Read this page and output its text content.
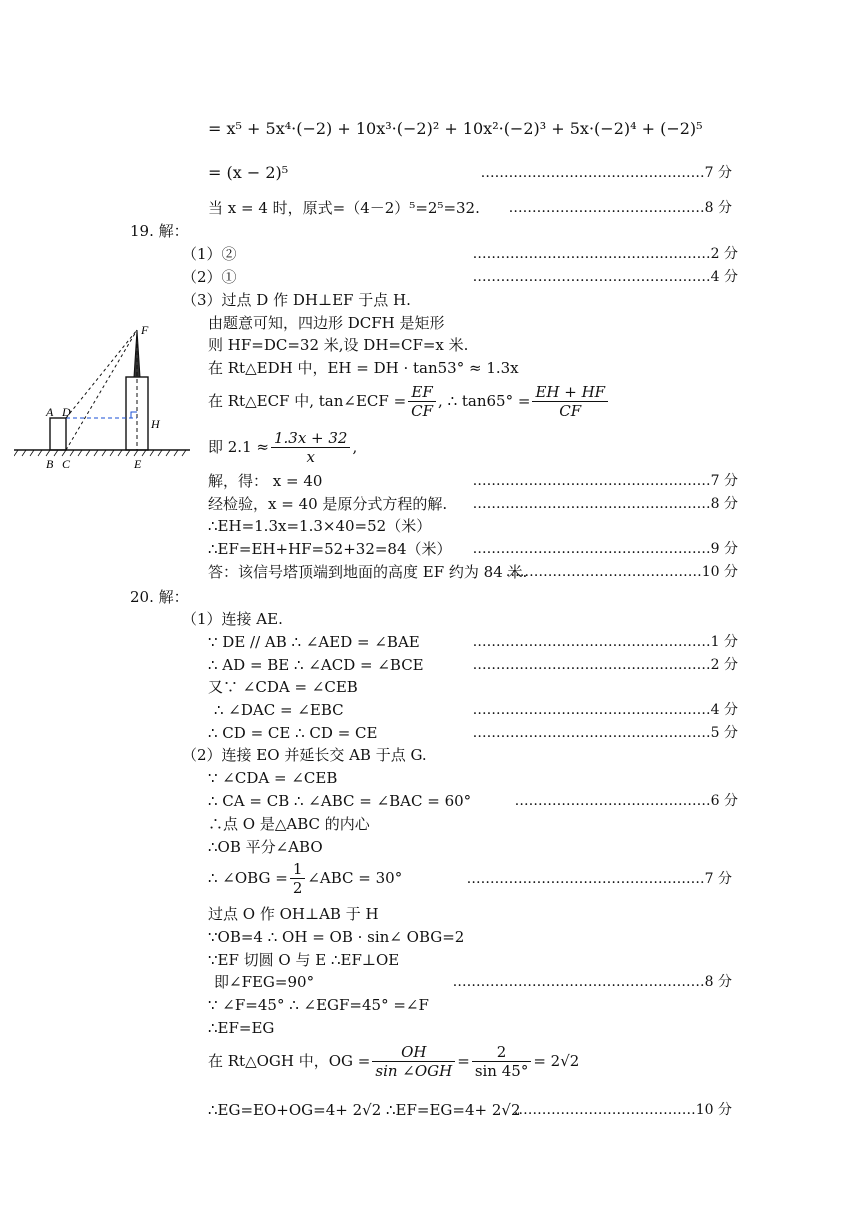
= x⁵ + 5x⁴·(−2) + 10x³·(−2)² + 10x²·(−2)³ + 5x·(−2)⁴ + (−2)⁵
= (x − 2)⁵	…………………………………………7 分
当 x = 4 时，原式=（4－2）⁵=2⁵=32. ……………………………………8 分
19. 解：
（1）②	……………………………………………2 分
（2）①	……………………………………………4 分
（3）过点 D 作 DH⊥EF 于点 H.
由题意可知，四边形 DCFH 是矩形
则 HF=DC=32 米,设 DH=CF=x 米.
在 Rt△EDH 中，EH = DH · tan53° ≈ 1.3x
在 Rt△ECF 中, tan∠ECF = $\frac{EF}{CF}$ , ∴ $\tan 65^\circ = \frac{EH + HF}{CF}$
即 $2.1 \approx \frac{1.3x + 32}{x}$ ,
解，得： x = 40	……………………………………………7 分
经检验，x = 40 是原分式方程的解. ……………………………………………8 分
∴EH=1.3x=1.3×40=52（米）
∴EF=EH+HF=52+32=84（米） ……………………………………………9 分
答：该信号塔顶端到地面的高度 EF 约为 84 米.
……………………………………10 分
F
A D
H
B C	E
20. 解：
（1）连接 AE.
∵ DE // AB ∴ ∠AED = ∠BAE	……………………………………………1 分
∴ AD = BE ∴ ∠ACD = ∠BCE	……………………………………………2 分
又∵ ∠CDA = ∠CEB
∴ ∠DAC = ∠EBC	……………………………………………4 分
∴ CD = CE ∴ CD = CE	……………………………………………5 分
（2）连接 EO 并延长交 AB 于点 G.
∵ ∠CDA = ∠CEB
∴ CA = CB ∴ ∠ABC = ∠BAC = 60°	……………………………………6 分
∴点 O 是△ABC 的内心
∴OB 平分∠ABO
∴ ∠OBG = $\frac{1}{2}$ ∠ABC = 30°	……………………………………………7 分
过点 O 作 OH⊥AB 于 H
∵OB=4 ∴ OH = OB · sin∠ OBG=2
∵EF 切圆 O 与 E ∴EF⊥OE
即∠FEG=90°	………………………………………………8 分
∵ ∠F=45° ∴ ∠EGF=45° =∠F
∴EF=EG
在 Rt△OGH 中，OG = $\frac{OH}{\text{sin ∠OGH}} = \frac{2}{\sin 45^\circ} = 2√2$
∴EG=EO+OG=4+ 2√2 ∴EF=EG=4+ 2√2
…………………………………10 分
